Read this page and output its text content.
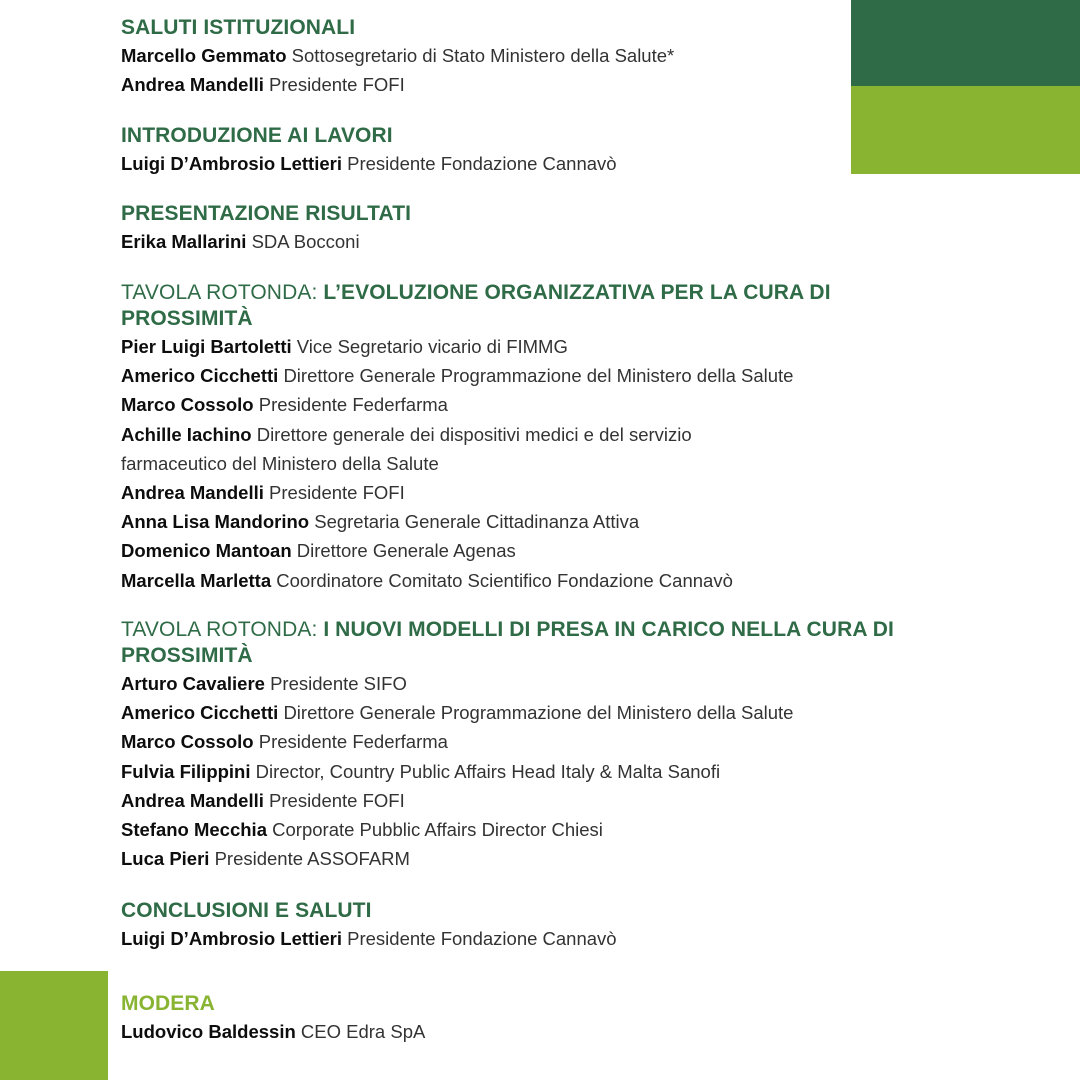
SALUTI ISTITUZIONALI
Marcello Gemmato Sottosegretario di Stato Ministero della Salute*
Andrea Mandelli Presidente FOFI
INTRODUZIONE AI LAVORI
Luigi D’Ambrosio Lettieri Presidente Fondazione Cannavò
PRESENTAZIONE RISULTATI
Erika Mallarini SDA Bocconi
TAVOLA ROTONDA: L’EVOLUZIONE ORGANIZZATIVA PER LA CURA DI PROSSIMITÀ
Pier Luigi Bartoletti Vice Segretario vicario di FIMMG
Americo Cicchetti Direttore Generale Programmazione del Ministero della Salute
Marco Cossolo Presidente Federfarma
Achille Iachino Direttore generale dei dispositivi medici e del servizio
farmaceutico del Ministero della Salute
Andrea Mandelli Presidente FOFI
Anna Lisa Mandorino Segretaria Generale Cittadinanza Attiva
Domenico Mantoan Direttore Generale Agenas
Marcella Marletta Coordinatore Comitato Scientifico Fondazione Cannavò
TAVOLA ROTONDA: I NUOVI MODELLI DI PRESA IN CARICO NELLA CURA DI PROSSIMITÀ
Arturo Cavaliere Presidente SIFO
Americo Cicchetti Direttore Generale Programmazione del Ministero della Salute
Marco Cossolo Presidente Federfarma
Fulvia Filippini Director, Country Public Affairs Head Italy & Malta Sanofi
Andrea Mandelli Presidente FOFI
Stefano Mecchia Corporate Pubblic Affairs Director Chiesi
Luca Pieri Presidente ASSOFARM
CONCLUSIONI E SALUTI
Luigi D’Ambrosio Lettieri Presidente Fondazione Cannavò
MODERA
Ludovico Baldessin CEO Edra SpA
